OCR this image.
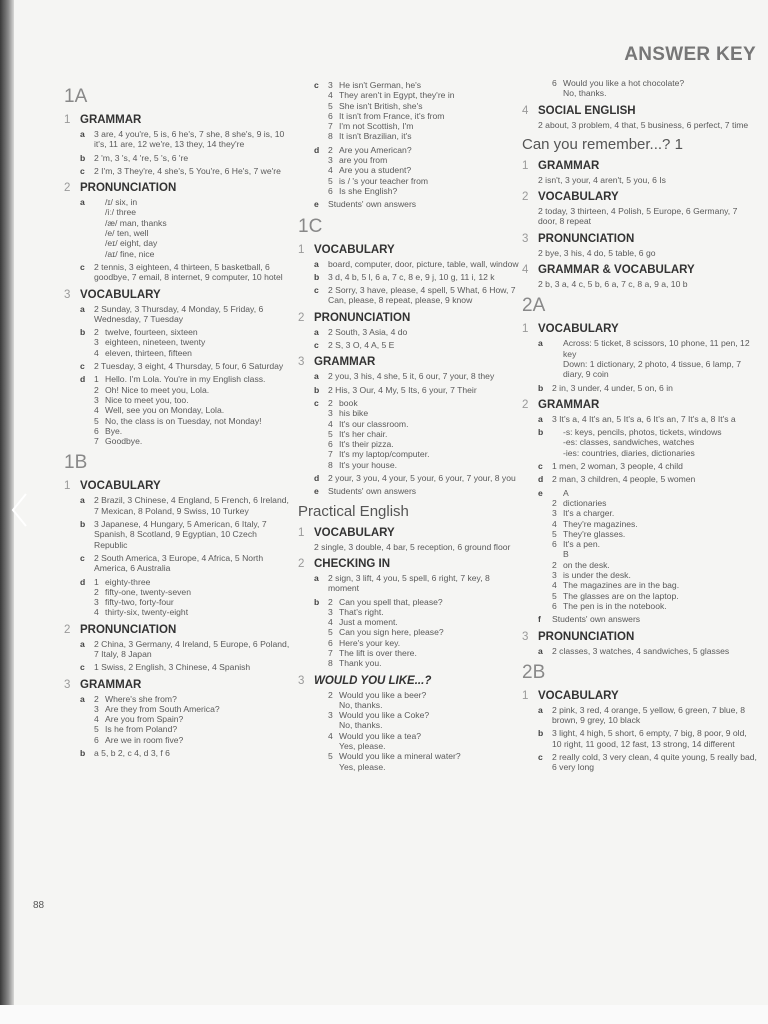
ANSWER KEY
88
1A
1 GRAMMAR
a	3 are, 4 you're, 5 is, 6 he's, 7 she, 8 she's, 9 is, 10 it's, 11 are, 12 we're, 13 they, 14 they're
b	2 'm, 3 's, 4 're, 5 's, 6 're
c	2 I'm, 3 They're, 4 she's, 5 You're, 6 He's, 7 we're
2 PRONUNCIATION
a	/ɪ/ six, in
/iː/ three
/æ/ man, thanks
/e/ ten, well
/eɪ/ eight, day
/aɪ/ fine, nice
c	2 tennis, 3 eighteen, 4 thirteen, 5 basketball, 6 goodbye, 7 email, 8 internet, 9 computer, 10 hotel
3 VOCABULARY
a	2 Sunday, 3 Thursday, 4 Monday, 5 Friday, 6 Wednesday, 7 Tuesday
b	2 twelve, fourteen, sixteen
3 eighteen, nineteen, twenty
4 eleven, thirteen, fifteen
c	2 Tuesday, 3 eight, 4 Thursday, 5 four, 6 Saturday
d	1 Hello. I'm Lola. You're in my English class.
2 Oh! Nice to meet you, Lola.
3 Nice to meet you, too.
4 Well, see you on Monday, Lola.
5 No, the class is on Tuesday, not Monday!
6 Bye.
7 Goodbye.
1B
1 VOCABULARY
a	2 Brazil, 3 Chinese, 4 England, 5 French, 6 Ireland, 7 Mexican, 8 Poland, 9 Swiss, 10 Turkey
b	3 Japanese, 4 Hungary, 5 American, 6 Italy, 7 Spanish, 8 Scotland, 9 Egyptian, 10 Czech Republic
c	2 South America, 3 Europe, 4 Africa, 5 North America, 6 Australia
d	1 eighty-three
2 fifty-one, twenty-seven
3 fifty-two, forty-four
4 thirty-six, twenty-eight
2 PRONUNCIATION
a	2 China, 3 Germany, 4 Ireland, 5 Europe, 6 Poland, 7 Italy, 8 Japan
c	1 Swiss, 2 English, 3 Chinese, 4 Spanish
3 GRAMMAR
a	2 Where's she from?
3 Are they from South America?
4 Are you from Spain?
5 Is he from Poland?
6 Are we in room five?
b	a 5, b 2, c 4, d 3, f 6
c	3 He isn't German, he's
4 They aren't in Egypt, they're in
5 She isn't British, she's
6 It isn't from France, it's from
7 I'm not Scottish, I'm
8 It isn't Brazilian, it's
d	2 Are you American?
3 are you from
4 Are you a student?
5 is / 's your teacher from
6 Is she English?
e	Students' own answers
1C
1 VOCABULARY
a	board, computer, door, picture, table, wall, window
b	3 d, 4 b, 5 l, 6 a, 7 c, 8 e, 9 j, 10 g, 11 i, 12 k
c	2 Sorry, 3 have, please, 4 spell, 5 What, 6 How, 7 Can, please, 8 repeat, please, 9 know
2 PRONUNCIATION
a	2 South, 3 Asia, 4 do
c	2 S, 3 O, 4 A, 5 E
3 GRAMMAR
a	2 you, 3 his, 4 she, 5 it, 6 our, 7 your, 8 they
b	2 His, 3 Our, 4 My, 5 Its, 6 your, 7 Their
c	2 book
3 his bike
4 It's our classroom.
5 It's her chair.
6 It's their pizza.
7 It's my laptop/computer.
8 It's your house.
d	2 your, 3 you, 4 your, 5 your, 6 your, 7 your, 8 you
e	Students' own answers
Practical English
1 VOCABULARY
2 single, 3 double, 4 bar, 5 reception, 6 ground floor
2 CHECKING IN
a	2 sign, 3 lift, 4 you, 5 spell, 6 right, 7 key, 8 moment
b	2 Can you spell that, please?
3 That's right.
4 Just a moment.
5 Can you sign here, please?
6 Here's your key.
7 The lift is over there.
8 Thank you.
3 WOULD YOU LIKE...?
2 Would you like a beer?
No, thanks.
3 Would you like a Coke?
No, thanks.
4 Would you like a tea?
Yes, please.
5 Would you like a mineral water?
Yes, please.
6 Would you like a hot chocolate?
No, thanks.
4 SOCIAL ENGLISH
2 about, 3 problem, 4 that, 5 business, 6 perfect, 7 time
Can you remember...? 1
1 GRAMMAR
2 isn't, 3 your, 4 aren't, 5 you, 6 Is
2 VOCABULARY
2 today, 3 thirteen, 4 Polish, 5 Europe, 6 Germany, 7 door, 8 repeat
3 PRONUNCIATION
2 bye, 3 his, 4 do, 5 table, 6 go
4 GRAMMAR & VOCABULARY
2 b, 3 a, 4 c, 5 b, 6 a, 7 c, 8 a, 9 a, 10 b
2A
1 VOCABULARY
a	Across: 5 ticket, 8 scissors, 10 phone, 11 pen, 12 key
Down: 1 dictionary, 2 photo, 4 tissue, 6 lamp, 7 diary, 9 coin
b	2 in, 3 under, 4 under, 5 on, 6 in
2 GRAMMAR
a	3 It's a, 4 It's an, 5 It's a, 6 It's an, 7 It's a, 8 It's a
b	-s: keys, pencils, photos, tickets, windows
-es: classes, sandwiches, watches
-ies: countries, diaries, dictionaries
c	1 men, 2 woman, 3 people, 4 child
d	2 man, 3 children, 4 people, 5 women
e	A
2 dictionaries
3 It's a charger.
4 They're magazines.
5 They're glasses.
6 It's a pen.
B
2 on the desk.
3 is under the desk.
4 The magazines are in the bag.
5 The glasses are on the laptop.
6 The pen is in the notebook.
f	Students' own answers
3 PRONUNCIATION
a	2 classes, 3 watches, 4 sandwiches, 5 glasses
2B
1 VOCABULARY
a	2 pink, 3 red, 4 orange, 5 yellow, 6 green, 7 blue, 8 brown, 9 grey, 10 black
b	3 light, 4 high, 5 short, 6 empty, 7 big, 8 poor, 9 old, 10 right, 11 good, 12 fast, 13 strong, 14 different
c	2 really cold, 3 very clean, 4 quite young, 5 really bad, 6 very long
